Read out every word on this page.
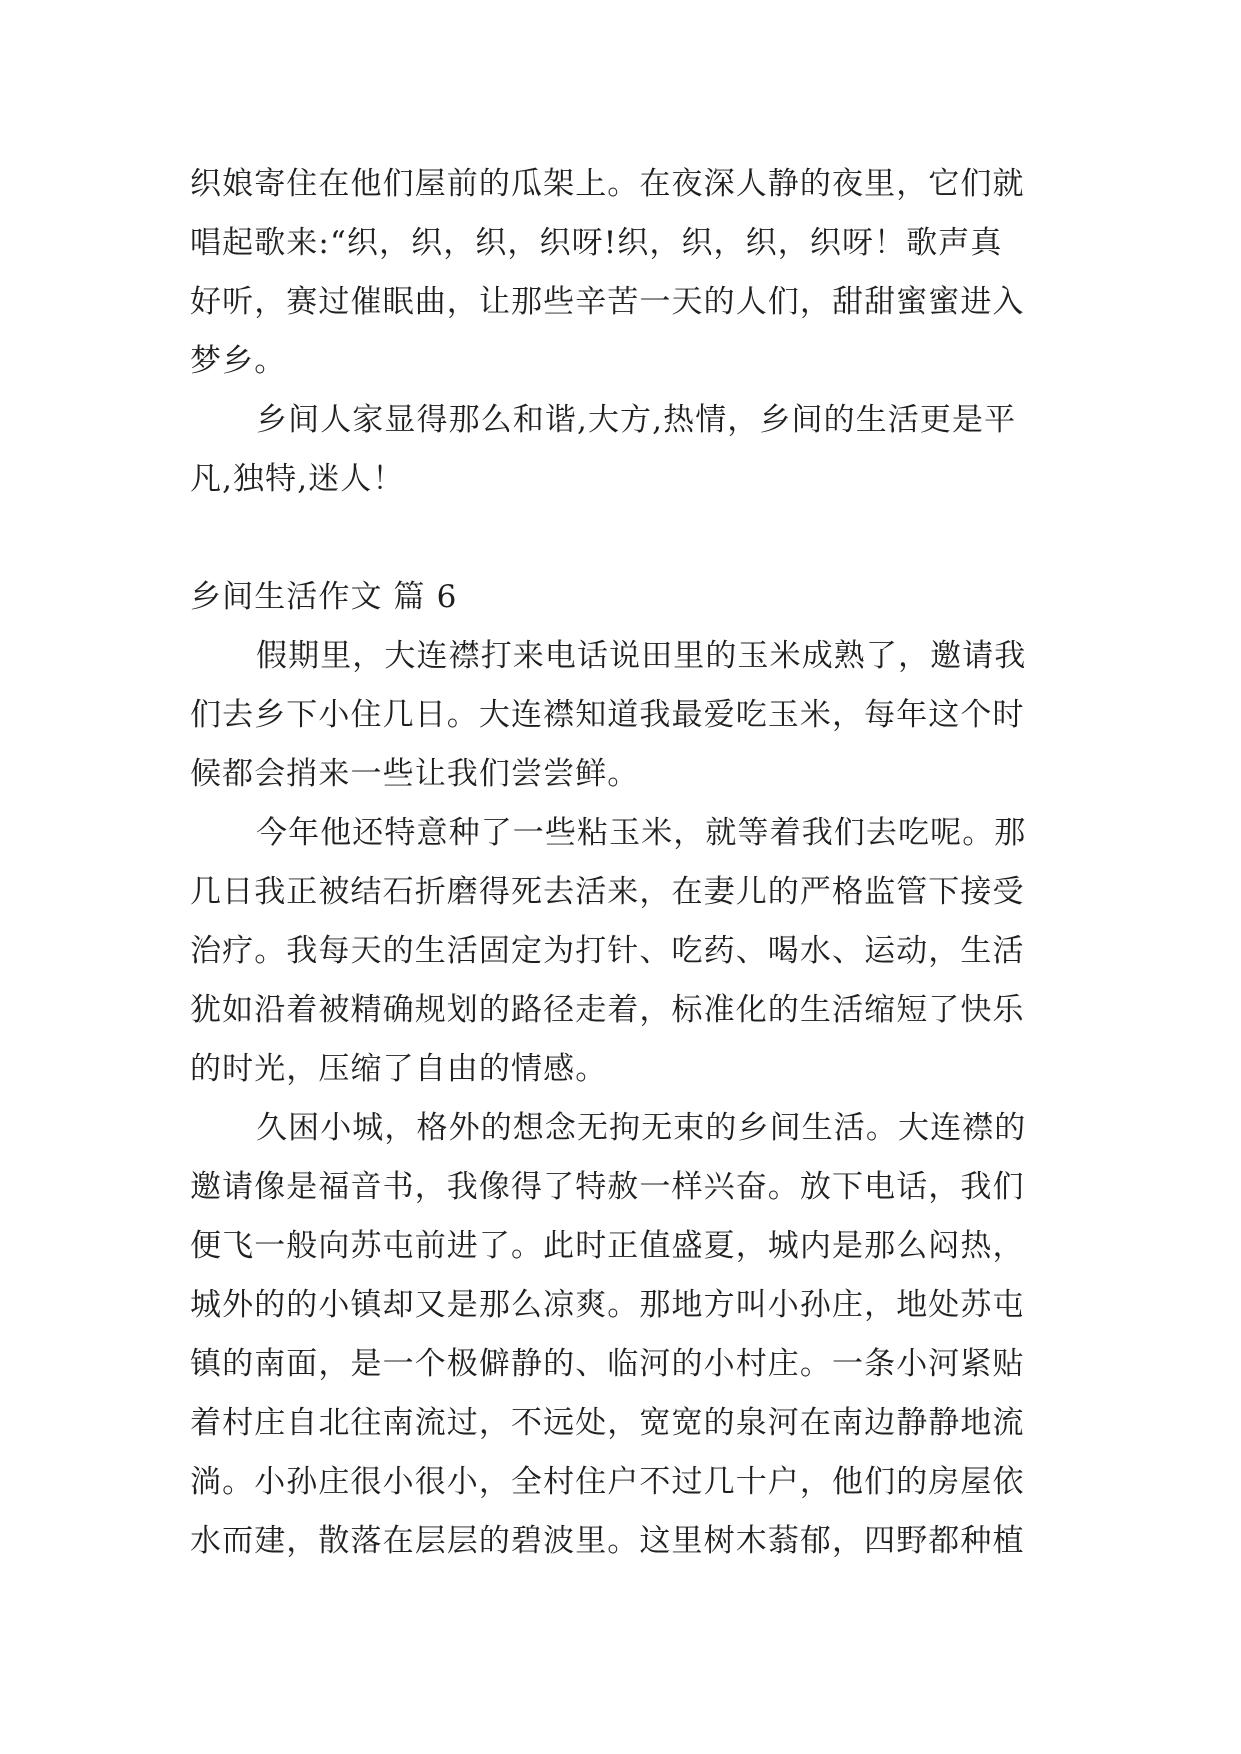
织娘寄住在他们屋前的瓜架上。在夜深人静的夜里，它们就

唱起歌来:“织，织，织，织呀!织，织，织，织呀！歌声真

好听，赛过催眠曲，让那些辛苦一天的人们，甜甜蜜蜜进入

梦乡。

乡间人家显得那么和谐,大方,热情，乡间的生活更是平

凡,独特,迷人！

乡间生活作文 篇 6

假期里，大连襟打来电话说田里的玉米成熟了，邀请我

们去乡下小住几日。大连襟知道我最爱吃玉米，每年这个时

候都会捎来一些让我们尝尝鲜。

今年他还特意种了一些粘玉米，就等着我们去吃呢。那

几日我正被结石折磨得死去活来，在妻儿的严格监管下接受

治疗。我每天的生活固定为打针、吃药、喝水、运动，生活

犹如沿着被精确规划的路径走着，标准化的生活缩短了快乐

的时光，压缩了自由的情感。

久困小城，格外的想念无拘无束的乡间生活。大连襟的

邀请像是福音书，我像得了特赦一样兴奋。放下电话，我们

便飞一般向苏屯前进了。此时正值盛夏，城内是那么闷热，

城外的的小镇却又是那么凉爽。那地方叫小孙庄，地处苏屯

镇的南面，是一个极僻静的、临河的小村庄。一条小河紧贴

着村庄自北往南流过，不远处，宽宽的泉河在南边静静地流

淌。小孙庄很小很小，全村住户不过几十户，他们的房屋依

水而建，散落在层层的碧波里。这里树木蓊郁，四野都种植
